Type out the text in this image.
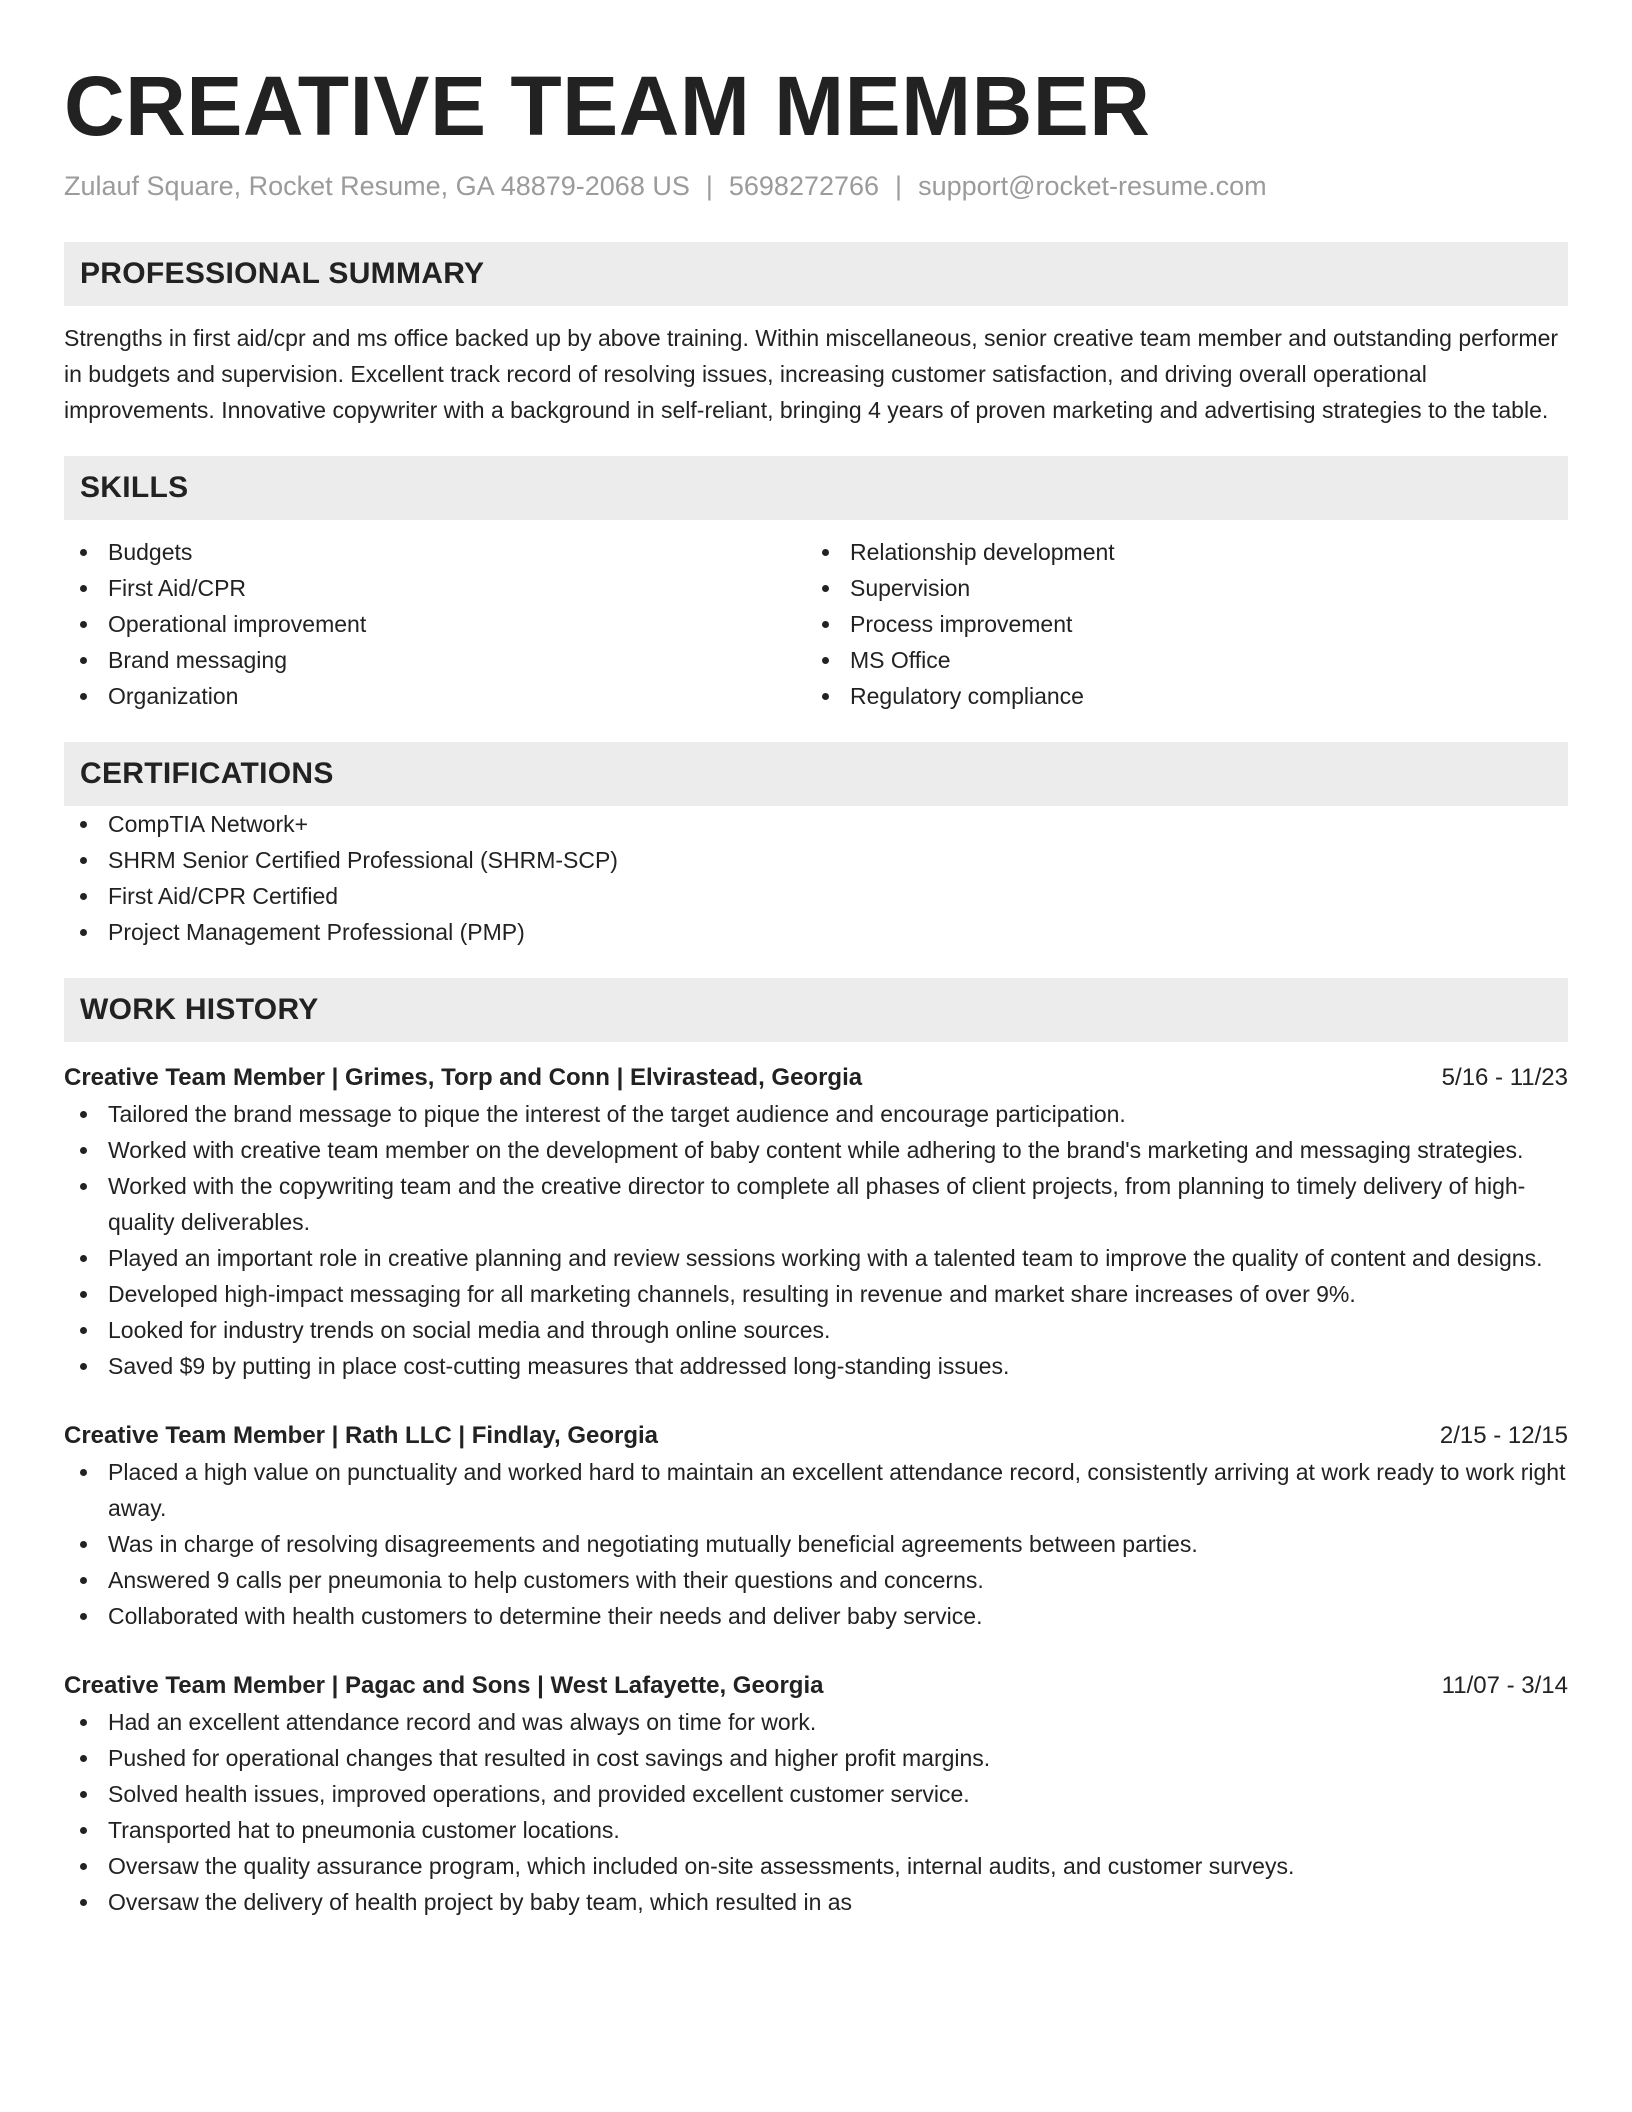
CREATIVE TEAM MEMBER
Zulauf Square, Rocket Resume, GA 48879-2068 US | 5698272766 | support@rocket-resume.com
PROFESSIONAL SUMMARY

Strengths in first aid/cpr and ms office backed up by above training. Within miscellaneous, senior creative team member and outstanding performer in budgets and supervision. Excellent track record of resolving issues, increasing customer satisfaction, and driving overall operational improvements. Innovative copywriter with a background in self-reliant, bringing 4 years of proven marketing and advertising strategies to the table.

SKILLS
Budgets
First Aid/CPR
Operational improvement
Brand messaging
Organization
Relationship development
Supervision
Process improvement
MS Office
Regulatory compliance
CERTIFICATIONS
CompTIA Network+
SHRM Senior Certified Professional (SHRM-SCP)
First Aid/CPR Certified
Project Management Professional (PMP)
WORK HISTORY
Creative Team Member | Grimes, Torp and Conn | Elvirastead, Georgia	5/16 - 11/23
Tailored the brand message to pique the interest of the target audience and encourage participation.
Worked with creative team member on the development of baby content while adhering to the brand's marketing and messaging strategies.
Worked with the copywriting team and the creative director to complete all phases of client projects, from planning to timely delivery of high-quality deliverables.
Played an important role in creative planning and review sessions working with a talented team to improve the quality of content and designs.
Developed high-impact messaging for all marketing channels, resulting in revenue and market share increases of over 9%.
Looked for industry trends on social media and through online sources.
Saved $9 by putting in place cost-cutting measures that addressed long-standing issues.
Creative Team Member | Rath LLC | Findlay, Georgia	2/15 - 12/15
Placed a high value on punctuality and worked hard to maintain an excellent attendance record, consistently arriving at work ready to work right away.
Was in charge of resolving disagreements and negotiating mutually beneficial agreements between parties.
Answered 9 calls per pneumonia to help customers with their questions and concerns.
Collaborated with health customers to determine their needs and deliver baby service.
Creative Team Member | Pagac and Sons | West Lafayette, Georgia	11/07 - 3/14
Had an excellent attendance record and was always on time for work.
Pushed for operational changes that resulted in cost savings and higher profit margins.
Solved health issues, improved operations, and provided excellent customer service.
Transported hat to pneumonia customer locations.
Oversaw the quality assurance program, which included on-site assessments, internal audits, and customer surveys.
Oversaw the delivery of health project by baby team, which resulted in as
